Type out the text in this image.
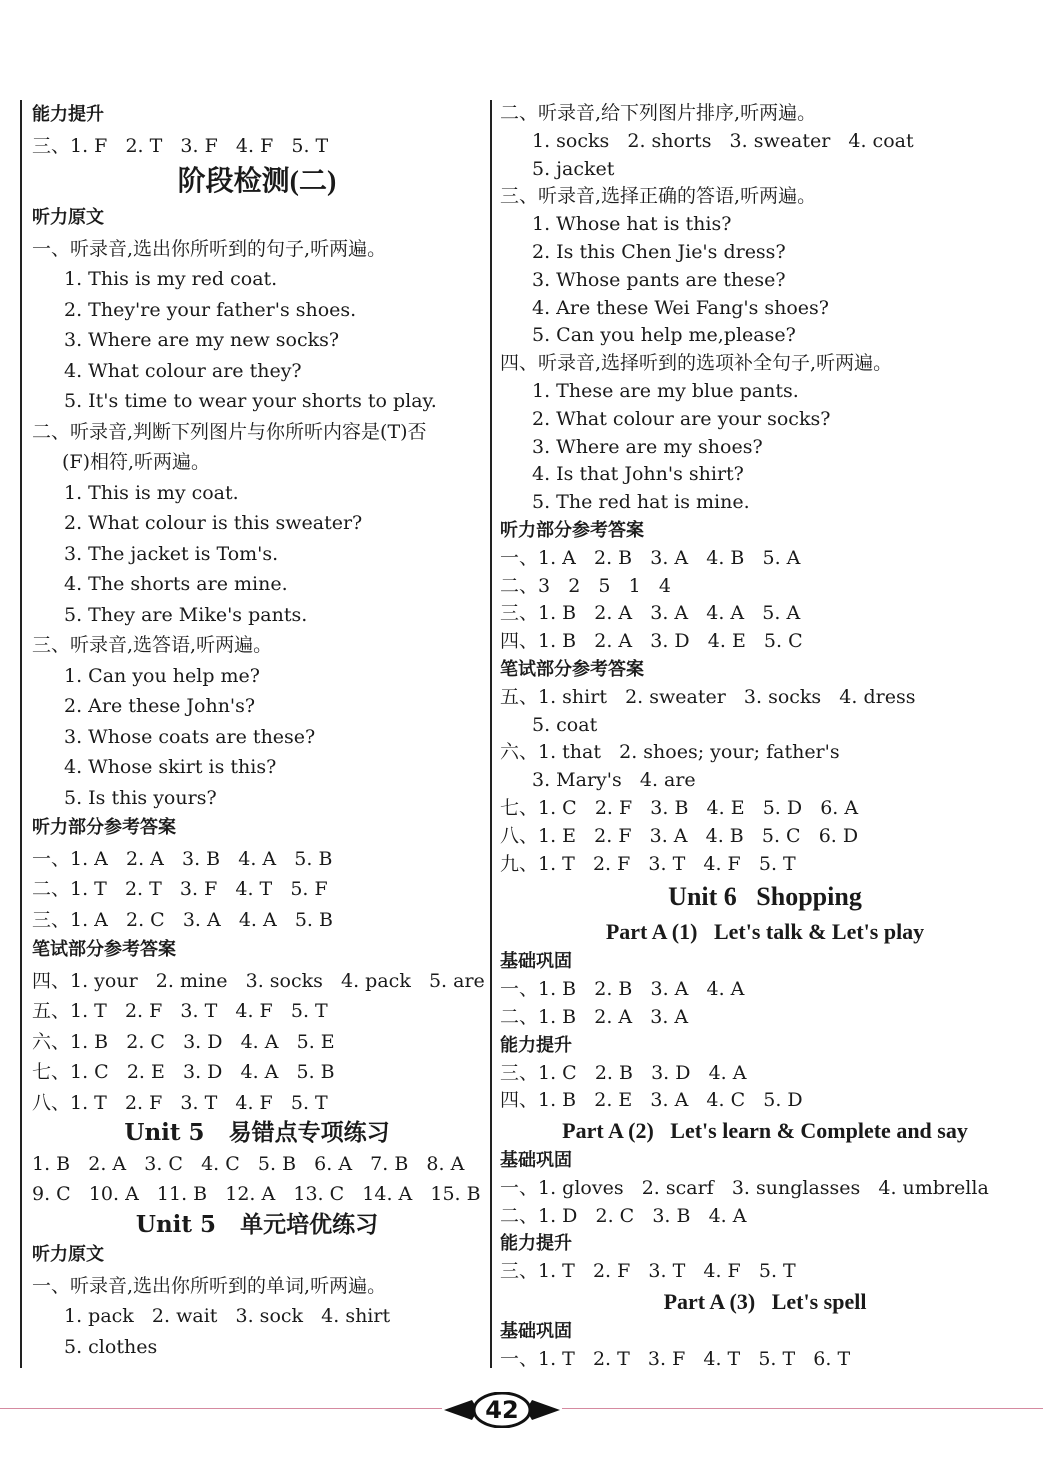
能力提升
三、1. F   2. T   3. F   4. F   5. T
阶段检测(二)
听力原文
一、听录音,选出你所听到的句子,听两遍。
1. This is my red coat.
2. They're your father's shoes.
3. Where are my new socks?
4. What colour are they?
5. It's time to wear your shorts to play.
二、听录音,判断下列图片与你所听内容是(T)否
(F)相符,听两遍。
1. This is my coat.
2. What colour is this sweater?
3. The jacket is Tom's.
4. The shorts are mine.
5. They are Mike's pants.
三、听录音,选答语,听两遍。
1. Can you help me?
2. Are these John's?
3. Whose coats are these?
4. Whose skirt is this?
5. Is this yours?
听力部分参考答案
一、1. A   2. A   3. B   4. A   5. B
二、1. T   2. T   3. F   4. T   5. F
三、1. A   2. C   3. A   4. A   5. B
笔试部分参考答案
四、1. your   2. mine   3. socks   4. pack   5. are
五、1. T   2. F   3. T   4. F   5. T
六、1. B   2. C   3. D   4. A   5. E
七、1. C   2. E   3. D   4. A   5. B
八、1. T   2. F   3. T   4. F   5. T
Unit 5   易错点专项练习
1. B   2. A   3. C   4. C   5. B   6. A   7. B   8. A
9. C   10. A   11. B   12. A   13. C   14. A   15. B
Unit 5   单元培优练习
听力原文
一、听录音,选出你所听到的单词,听两遍。
1. pack   2. wait   3. sock   4. shirt
5. clothes
二、听录音,给下列图片排序,听两遍。
1. socks   2. shorts   3. sweater   4. coat
5. jacket
三、听录音,选择正确的答语,听两遍。
1. Whose hat is this?
2. Is this Chen Jie's dress?
3. Whose pants are these?
4. Are these Wei Fang's shoes?
5. Can you help me,please?
四、听录音,选择听到的选项补全句子,听两遍。
1. These are my blue pants.
2. What colour are your socks?
3. Where are my shoes?
4. Is that John's shirt?
5. The red hat is mine.
听力部分参考答案
一、1. A   2. B   3. A   4. B   5. A
二、3   2   5   1   4
三、1. B   2. A   3. A   4. A   5. A
四、1. B   2. A   3. D   4. E   5. C
笔试部分参考答案
五、1. shirt   2. sweater   3. socks   4. dress
5. coat
六、1. that   2. shoes; your; father's
3. Mary's   4. are
七、1. C   2. F   3. B   4. E   5. D   6. A
八、1. E   2. F   3. A   4. B   5. C   6. D
九、1. T   2. F   3. T   4. F   5. T
Unit 6   Shopping
Part A (1)   Let's talk & Let's play
基础巩固
一、1. B   2. B   3. A   4. A
二、1. B   2. A   3. A
能力提升
三、1. C   2. B   3. D   4. A
四、1. B   2. E   3. A   4. C   5. D
Part A (2)   Let's learn & Complete and say
基础巩固
一、1. gloves   2. scarf   3. sunglasses   4. umbrella
二、1. D   2. C   3. B   4. A
能力提升
三、1. T   2. F   3. T   4. F   5. T
Part A (3)   Let's spell
基础巩固
一、1. T   2. T   3. F   4. T   5. T   6. T
42
